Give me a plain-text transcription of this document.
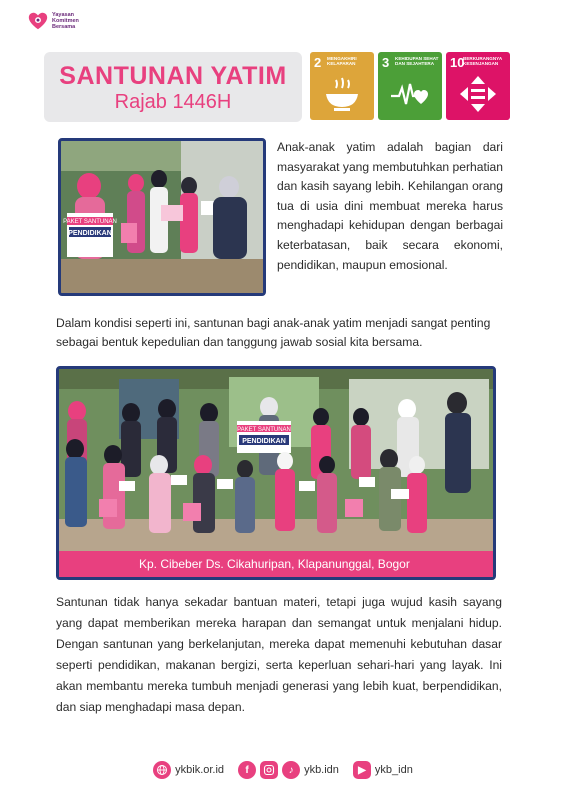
Yayasan
Komitmen
Bersama
SANTUNAN YATIM
Rajab 1446H
2 MENGAKHIRI KELAPARAN	3 KEHIDUPAN SEHAT DAN SEJAHTERA	10
BERKURANGNYA KESENJANGAN
PAKET SANTUNAN
PENDIDIKAN

Anak-anak yatim adalah bagian dari masyarakat yang membutuhkan perhatian dan kasih sayang lebih. Kehilangan orang tua di usia dini membuat mereka harus menghadapi kehidupan dengan berbagai keterbatasan, baik secara ekonomi, pendidikan, maupun emosional.

Dalam kondisi seperti ini, santunan bagi anak-anak yatim menjadi sangat penting sebagai bentuk kepedulian dan tanggung jawab sosial kita bersama.

PAKET SANTUNAN
PENDIDIKAN
Kp. Cibeber Ds. Cikahuripan, Klapanunggal, Bogor

Santunan tidak hanya sekadar bantuan materi, tetapi juga wujud kasih sayang yang dapat memberikan mereka harapan dan semangat untuk menjalani hidup. Dengan santunan yang berkelanjutan, mereka dapat memenuhi kebutuhan dasar seperti pendidikan, makanan bergizi, serta keperluan sehari-hari yang layak. Ini akan membantu mereka tumbuh menjadi generasi yang lebih kuat, berpendidikan, dan siap menghadapi masa depan.

ykbik.or.id	f	♪ ykb.idn	▶ ykb_idn
